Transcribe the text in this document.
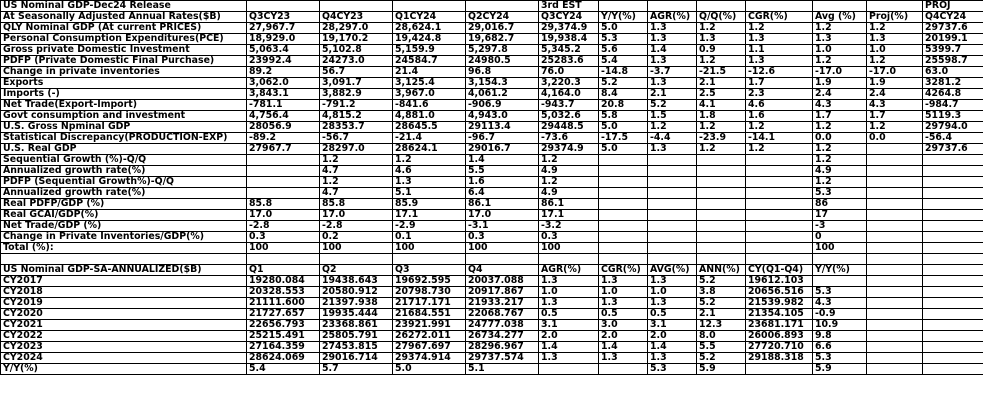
US Nominal GDP-Dec24 Release					3rd EST							PROJ
At Seasonally Adjusted Annual Rates($B)	Q3CY23	Q4CY23	Q1CY24	Q2CY24	Q3CY24	Y/Y(%)	AGR(%)	Q/Q(%)	CGR(%)	Avg (%)	Proj(%)	Q4CY24
QLY Nominal GDP (At current PRICES)	27,967.7	28,297.0	28,624.1	29,016.7	29,374.9	5.0	1.3	1.2	1.2	1.2	1.2	29737.6
Personal Consumption Expenditures(PCE)	18,929.0	19,170.2	19,424.8	19,682.7	19,938.4	5.3	1.3	1.3	1.3	1.3	1.3	20199.1
Gross private Domestic Investment	5,063.4	5,102.8	5,159.9	5,297.8	5,345.2	5.6	1.4	0.9	1.1	1.0	1.0	5399.7
PDFP (Private Domestic Final Purchase)	23992.4	24273.0	24584.7	24980.5	25283.6	5.4	1.3	1.2	1.3	1.2	1.2	25598.7
Change in private inventories	89.2	56.7	21.4	96.8	76.0	-14.8	-3.7	-21.5	-12.6	-17.0	-17.0	63.0
Exports	3,062.0	3,091.7	3,125.4	3,154.3	3,220.3	5.2	1.3	2.1	1.7	1.9	1.9	3281.2
Imports (-)	3,843.1	3,882.9	3,967.0	4,061.2	4,164.0	8.4	2.1	2.5	2.3	2.4	2.4	4264.8
Net Trade(Export-Import)	-781.1	-791.2	-841.6	-906.9	-943.7	20.8	5.2	4.1	4.6	4.3	4.3	-984.7
Govt consumption and investment	4,756.4	4,815.2	4,881.0	4,943.0	5,032.6	5.8	1.5	1.8	1.6	1.7	1.7	5119.3
U.S. Gross Npminal GDP	28056.9	28353.7	28645.5	29113.4	29448.5	5.0	1.2	1.2	1.2	1.2	1.2	29794.0
Statistical Discrepancy(PRODUCTION-EXP)	-89.2	-56.7	-21.4	-96.7	-73.6	-17.5	-4.4	-23.9	-14.1	0.0	0.0	-56.4
U.S. Real GDP	27967.7	28297.0	28624.1	29016.7	29374.9	5.0	1.3	1.2	1.2	1.2		29737.6
Sequential Growth (%)-Q/Q		1.2	1.2	1.4	1.2					1.2		
Annualized growth rate(%)		4.7	4.6	5.5	4.9					4.9		
PDFP (Sequential Growth%)-Q/Q		1.2	1.3	1.6	1.2					1.2		
Annualized growth rate(%)		4.7	5.1	6.4	4.9					5.3		
Real PDFP/GDP (%)	85.8	85.8	85.9	86.1	86.1					86		
Real GCAI/GDP(%)	17.0	17.0	17.1	17.0	17.1					17		
Net Trade/GDP (%)	-2.8	-2.8	-2.9	-3.1	-3.2					-3		
Change in Private Inventories/GDP(%)	0.3	0.2	0.1	0.3	0.3					0		
Total (%):	100	100	100	100	100					100		

US Nominal GDP-SA-ANNUALIZED($B)	Q1	Q2	Q3	Q4	AGR(%)	CGR(%)	AVG(%)	ANN(%)	CY(Q1-Q4)	Y/Y(%)		
CY2017	19280.084	19438.643	19692.595	20037.088	1.3	1.3	1.3	5.2	19612.103			
CY2018	20328.553	20580.912	20798.730	20917.867	1.0	1.0	1.0	3.8	20656.516	5.3		
CY2019	21111.600	21397.938	21717.171	21933.217	1.3	1.3	1.3	5.2	21539.982	4.3		
CY2020	21727.657	19935.444	21684.551	22068.767	0.5	0.5	0.5	2.1	21354.105	-0.9		
CY2021	22656.793	23368.861	23921.991	24777.038	3.1	3.0	3.1	12.3	23681.171	10.9		
CY2022	25215.491	25805.791	26272.011	26734.277	2.0	2.0	2.0	8.0	26006.893	9.8		
CY2023	27164.359	27453.815	27967.697	28296.967	1.4	1.4	1.4	5.5	27720.710	6.6		
CY2024	28624.069	29016.714	29374.914	29737.574	1.3	1.3	1.3	5.2	29188.318	5.3		
Y/Y(%)	5.4	5.7	5.0	5.1			5.3	5.9		5.9		
